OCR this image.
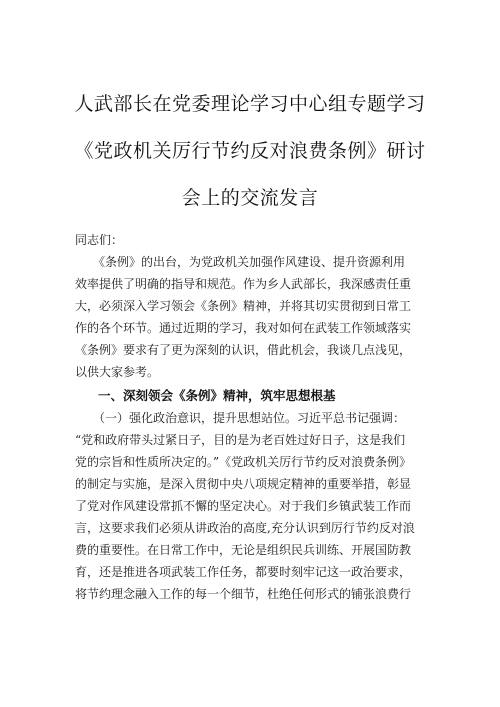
人武部长在党委理论学习中心组专题学习
《党政机关厉行节约反对浪费条例》研讨
会上的交流发言
同志们：
　　《条例》的出台，为党政机关加强作风建设、提升资源利用
效率提供了明确的指导和规范。作为乡人武部长，我深感责任重
大，必须深入学习领会《条例》精神，并将其切实贯彻到日常工
作的各个环节。通过近期的学习，我对如何在武装工作领域落实
《条例》要求有了更为深刻的认识，借此机会，我谈几点浅见，
以供大家参考。
一、深刻领会《条例》精神，筑牢思想根基
　　（一）强化政治意识，提升思想站位。习近平总书记强调：
“党和政府带头过紧日子，目的是为老百姓过好日子，这是我们
党的宗旨和性质所决定的。”《党政机关厉行节约反对浪费条例》
的制定与实施，是深入贯彻中央八项规定精神的重要举措，彰显
了党对作风建设常抓不懈的坚定决心。对于我们乡镇武装工作而
言，这要求我们必须从讲政治的高度,充分认识到厉行节约反对浪
费的重要性。在日常工作中，无论是组织民兵训练、开展国防教
育，还是推进各项武装工作任务，都要时刻牢记这一政治要求，
将节约理念融入工作的每一个细节，杜绝任何形式的铺张浪费行
